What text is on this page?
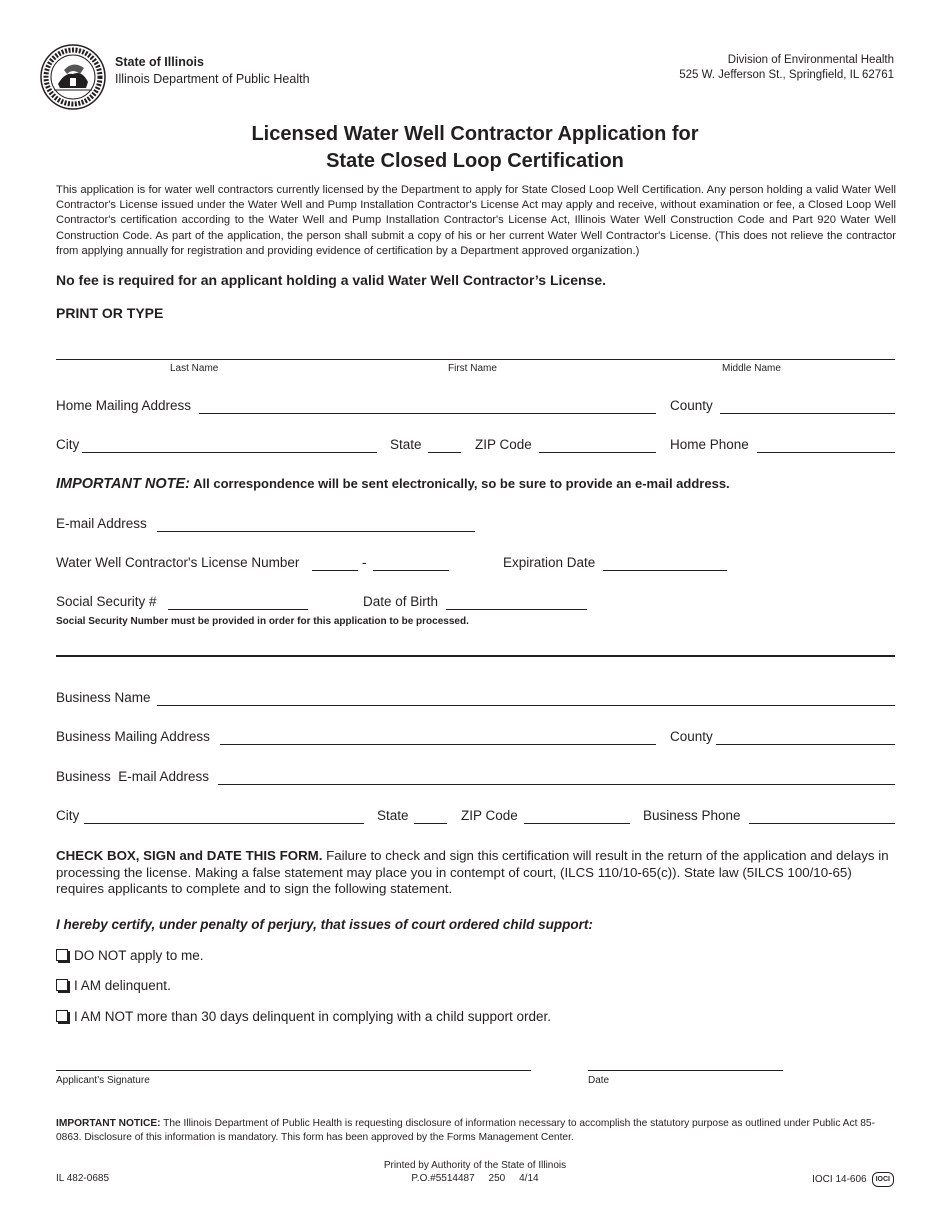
State of Illinois
Illinois Department of Public Health
Division of Environmental Health
525 W. Jefferson St., Springfield, IL 62761
Licensed Water Well Contractor Application for
State Closed Loop Certification
This application is for water well contractors currently licensed by the Department to apply for State Closed Loop Well Certification. Any person holding a valid Water Well Contractor's License issued under the Water Well and Pump Installation Contractor's License Act may apply and receive, without examination or fee, a Closed Loop Well Contractor's certification according to the Water Well and Pump Installation Contractor's License Act, Illinois Water Well Construction Code and Part 920 Water Well Construction Code. As part of the application, the person shall submit a copy of his or her current Water Well Contractor's License. (This does not relieve the contractor from applying annually for registration and providing evidence of certification by a Department approved organization.)
No fee is required for an applicant holding a valid Water Well Contractor’s License.
PRINT OR TYPE
Last Name	First Name	Middle Name
Home Mailing Address	County
City	State	ZIP Code	Home Phone
IMPORTANT NOTE: All correspondence will be sent electronically, so be sure to provide an e-mail address.
E-mail Address
Water Well Contractor's License Number	-	Expiration Date
Social Security #	Date of Birth
Social Security Number must be provided in order for this application to be processed.
Business Name
Business Mailing Address	County
Business  E-mail Address
City	State	ZIP Code	Business Phone
CHECK BOX, SIGN and DATE THIS FORM. Failure to check and sign this certification will result in the return of the application and delays in processing the license. Making a false statement may place you in contempt of court, (ILCS 110/10-65(c)). State law (5ILCS 100/10-65) requires applicants to complete and to sign the following statement.
I hereby certify, under penalty of perjury, that issues of court ordered child support:
DO NOT apply to me.
I AM delinquent.
I AM NOT more than 30 days delinquent in complying with a child support order.
Applicant’s Signature	Date
IMPORTANT NOTICE: The Illinois Department of Public Health is requesting disclosure of information necessary to accomplish the statutory purpose as outlined under Public Act 85-0863. Disclosure of this information is mandatory. This form has been approved by the Forms Management Center.
IL 482-0685
Printed by Authority of the State of Illinois
P.O.#5514487     250     4/14	IOCI 14-606 IOCI
